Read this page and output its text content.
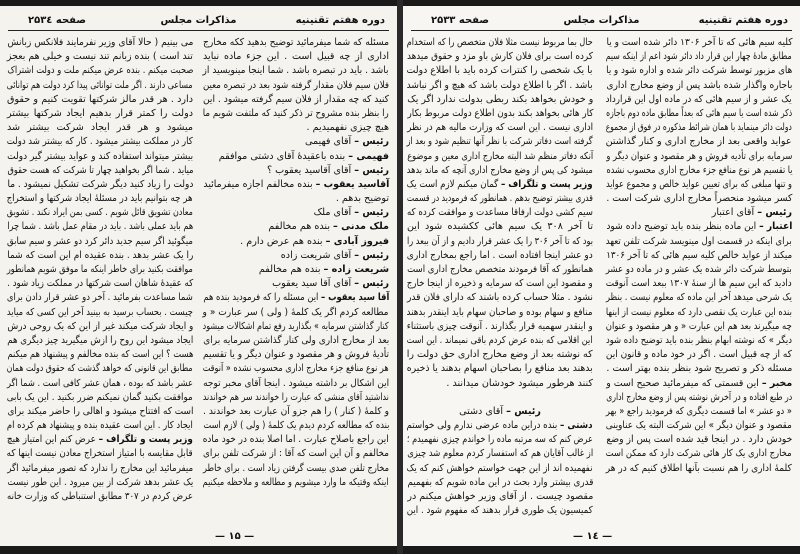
دوره هفتم تقنینیه
مذاکرات مجلس
صفحه ۲۵۳٤
مسئله که شما میفرمائید توضیح بدهید ککه مخارج
اداری از چه قبیل است . این جزء ماده نباید
باشد . باید در تبصره باشد . شما اینجا مینویسید از
فلان سیم فلان مقدار گرفته شود بعد در تبصره معین
کنید که چه مقدار از فلان سیم گرفته میشود . این
را بنظر بنده مشروح تر ذکر کنید که ملتفت شویم ما
هیچ چیزی نفهمیدیم .
رئیس – آقای فهیمی
فهیمی – بنده باعقیدهٔ آقای دشتی موافقم
رئیس – آقای آقاسید یعقوب ؟
آقاسید یعقوب – بنده مخالفم اجازه میفرمائید
توضیح بدهم .
رئیس – آقای ملک
ملک مدنی – بنده هم مخالفم
فیروز آبادی – بنده هم عرض دارم .
رئیس – آقای شریعت زاده
شریعت زاده – بنده هم مخالفم
رئیس – آقای آقا سید یعقوب
آقا سید یعقوب – این مسئله را که فرمودید بنده هم
مطالعه کردم اگر یک کلمهٔ ( ولی ) سر عبارت « و
کنار گذاشتن سرمایه » بگذارید رفع تمام اشکالات میشود
بعد از مخارج اداری ولی کنار گذاشتن سرمایه برای
تأدیهٔ فروش و هر مقصود و عنوان دیگر و یا تقسیم
هر نوع منافع جزء مخارج اداری محسوب نشده « آنوقت
این اشکال بر داشته میشود . اینجا آقای مخبر توجه
نداشتید آقای منشی که عبارت را خواندند سر هم خواندند
و کلمهٔ ( کنار ) را هم جزو آن عبارت بعد خواندند .
بنده که مطالعه کردم دیدم یک کلمهٔ ( ولی ) لازم است
این راجع باصلاح عبارت . اما اصلا بنده در خود ماده
مخالفم و آن این است که آقا : از شرکت تلفن برای
مخارج تلفن صدی بیست گرفتن زیاد است . برای خاطر
اینکه وقتیکه ما وارد میشویم و مطالعه و ملاحظه میکنیم
می بینیم ( حالا آقای وزیر نفرمایند فلانکس زبانش
تند است ) بنده زبانم تند نیست و خیلی هم بعجز
صحبت میکنم . بنده عرض میکنم ملت و دولت اشتراک
مساعی دارند . اگر ملت توانائی پیدا کرد دولت هم توانائی
دارد . هر قدر مالز شرکتها تقویت کنیم و حقوق
دولت را کمتر قرار بدهیم ایجاد شرکتها بیشتر
میشود و هر قدر ایجاد شرکت بیشتر شد
کار در مملکت بیشتر میشود . کار که بیشتر شد دولت
بیشتر میتواند استفاده کند و عواید بیشتر گیر دولت
میاید . شما اگر بخواهید چهار تا شرکت که هست حقوق
دولت را زیاد کنید دیگر شرکت تشکیل نمیشود . ما
هر چه بتوانیم باید در مسئلهٔ ایجاد شرکتها و استخراج
معادن تشویق قائل شویم . کسی بمن ایراد نکند . تشویق
هم باید عملی باشد . باید در مقام عمل باشد . شما چرا
میگوئید اگر سیم جدید دائر کرد دو عشر و سیم سابق
را یک عشر بدهد . بنده عقیده ام این است که شما
موافقت بکنید برای خاطر اینکه ما موفق شویم همانطور
که عقیدهٔ شاهان است شرکتها در مملکت زیاد شود .
شما مساعدت بفرمائید . آخر دو عشر قرار دادن برای
چیست . بحساب برسید به بینید آخر این کسی که میاید
و ایجاد شرکت میکند غیر از این که یک روحی درش
ایجاد میشود این روح را ازش میگیرید چیز دیگری هم
هست ؟ این است که بنده مخالفم و پیشنهاد هم میکنم
مطابق این قانونی که خواهد گذشت که حقوق دولت همان
عشر باشد که بوده ، همان عشر کافی است . شما اگر
موافقت بکنید گمان نمیکنم ضرر بکنید . این یک بابی
است که افتتاح میشود و اهالی را حاضر میکند برای
ایجاد کار . این است عقیده بنده و پیشنهاد هم کرده ام
وزیر پست و تلگراف – عرض کنم این امتیاز هیچ
قابل مقایسه با امتیاز استخراج معادن نیست اینها که
میفرمائید این مخارج را ندارد که تصور میفرمائید اگر
یک عشر بدهد شرکت از بین میرود . این طور نیست
عرض کردم در ۳۰۷ مطابق استنباطی که وزارت خانه
— ۱۵ —
دوره هفتم تقنینیه
مذاکرات مجلس
صفحه ۲۵۳۳
کلیه سیم هائی که تا آخر ۱۳۰۶ دائر شده است و یا
مطابق مادهٔ چهار این قرار داد دائر شود اعم از اینکه سیم
های مزبور توسط شرکت دائر شده و اداره شود و یا
باجاره واگذار شده باشد پس از وضع مخارج اداری
یک عشر و از سیم هائی که در ماده اول این قرارداد
ذکر شده است یا سیم هائی که بعداً مطابق ماده دوم باجازه
دولت دائر مینماید با همان شرائط مذکوره در فوق از مجموع
عواید واقعی بعد از مخارج اداری و کنار گذاشتن
سرمایه برای تأدیه فروش و هر مقصود و عنوان دیگر و
یا تقسیم هر نوع منافع جزء مخارج اداری محسوب نشده
و تنها مبلغی که برای تعیین عواید خالص و مجموع عواید
کسر میشود منحصراً مخارج اداری شرکت است .
رئیس – آقای اعتبار
اعتبار – این ماده بنظر بنده باید توضیح داده شود
برای اینکه در قسمت اول مینویسد شرکت تلفن تعهد
میکند از عواید خالص کلیه سیم هائی که تا آخر ۱۳۰۶
بتوسط شرکت دائر شده یک عشر و در ماده دو عشر
دادید که این سیم ها از سنهٔ ۱۳۰۷ ببعد است آنوقت
یک شرحی میدهد آخر این ماده که معلوم نیست . بنظر
بنده این عبارت یک نقصی دارد که معلوم نیست از اینها
چه میگیرند بعد هم این عبارت « و هر مقصود و عنوان
دیگر » که نوشته ابهام بنظر بنده باید توضیح داده شود
که از چه قبیل است . اگر در خود ماده و قانون این
مسئله ذکر و تصریح شود بنظر بنده بهتر است .
مخبر – این قسمتی که میفرمائید صحیح است و
در طبع افتاده و در آخرش نوشته پس از وضع مخارج اداری
« دو عشر » اما قسمت دیگری که فرمودید راجع « بهر
مقصود و عنوان دیگر » این شرکت البته یک عناوینی
خودش دارد . در اینجا قید شده است پس از وضع
مخارج اداری یک کار هائی شرکت دارد که ممکن است
کلمهٔ اداری را هم نسبت بآنها اطلاق کنیم که در هر
حال بما مربوط نیست مثلا فلان متخصص را که استخدام
کرده است برای فلان کارش باو مزد و حقوق میدهد
با یک شخصی را کنترات کرده باید با اطلاع دولت
باشد . اگر با اطلاع دولت باشد که هیچ و اگر نباشد
و خودش بخواهد بکند ربطی بدولت ندارد اگر یک
کار هائی بخواهد بکند بدون اطلاع دولت مربوط بکار
اداری نیست . این است که وزارت مالیه هم در نظر
گرفته است دفاتر شرکت با نظر آنها تنظیم شود و بعد از
آنکه دفاتر منظم شد البته مخارج اداری معین و موضوع
میشود کی پس از وضع مخارج اداری آنچه که ماند بدهد
وزیر پست و تلگراف – گمان میکنم لازم است یک
قدری بیشتر توضیح بدهم . همانطور که فرمودید در قسمت
سیم کشی دولت ارفاقا مساعدت و موافقت کرده که
تا آخر ۳۰۸ یک سیم هائی ککشیده شود این
بود که تا آخر ۳۰۶ را یک عشر قرار دادیم و از آن ببعد را
دو عشر اینجا افتاده است . اما راجع بمخارج اداری
همانطور که آقا فرمودند متخصص مخارج اداری است
و مقصود این است که سرمایه و ذخیره از اینجا خارج
نشود . مثلا حساب کرده باشند که دارای فلان قدر
منافع و سهام بوده و صاحبان سهام باید اینقدر بدهند
و اینقدر سهمیه قرار بگذارند . آنوقت چیزی باستثناء
این اقلامی که بنده عرض کردم باقی نمیماند . این است
که نوشته بعد از وضع مخارج اداری حق دولت را
بدهند بعد منافع را بصاحبان اسهام بدهند یا ذخیره
کنند هرطور میشود خودشان میدانند .
رئیس – آقای دشتی
دشتی – بنده دراین ماده عرضی ندارم ولی خواستم
عرض کنم که سه مرتبه ماده را خواندم چیزی نفهمیدم ؛
از غالب آقایان هم که استفسار کردم معلوم شد چیزی
نفهمیده اند از این جهت خواستم خواهش کنم که یک
قدری بیشتر وارد بحث در این ماده شویم که بفهمیم
مقصود چیست . از آقای وزیر خواهش میکنم در
کمیسیون یک طوری قرار بدهند که مفهوم شود . این
— ۱٤ —
